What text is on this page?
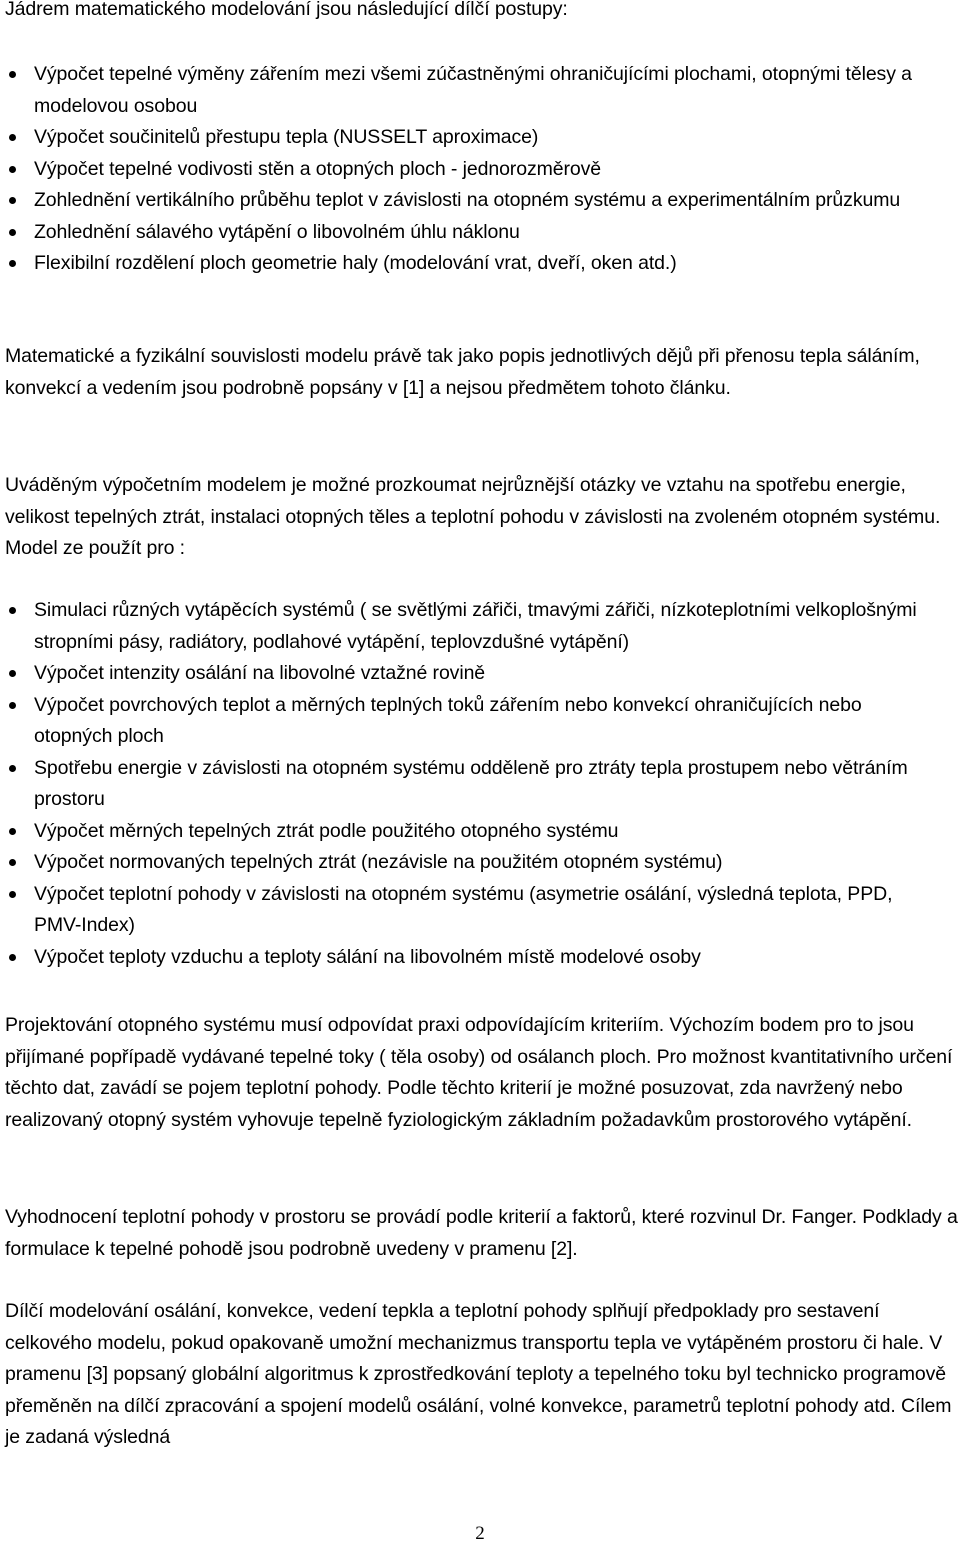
Jádrem matematického modelování jsou následující dílčí postupy:
Výpočet tepelné výměny zářením mezi všemi zúčastněnými ohraničujícími plochami, otopnými tělesy a modelovou osobou
Výpočet součinitelů přestupu tepla (NUSSELT aproximace)
Výpočet tepelné vodivosti stěn a otopných ploch - jednorozměrově
Zohlednění vertikálního průběhu teplot v závislosti na otopném systému a experimentálním průzkumu
Zohlednění sálavého vytápění o libovolném úhlu náklonu
Flexibilní rozdělení ploch geometrie haly (modelování vrat, dveří, oken atd.)
Matematické a fyzikální souvislosti modelu právě tak jako popis jednotlivých dějů při přenosu tepla sáláním, konvekcí a vedením jsou podrobně popsány v [1] a nejsou předmětem tohoto článku.
Uváděným výpočetním modelem je možné prozkoumat nejrůznější otázky ve vztahu na spotřebu energie, velikost tepelných ztrát, instalaci otopných těles a teplotní pohodu v závislosti na zvoleném otopném systému. Model ze použít pro :
Simulaci různých vytápěcích systémů ( se světlými zářiči, tmavými zářiči, nízkoteplotními velkoplošnými stropními pásy, radiátory, podlahové vytápění, teplovzdušné vytápění)
Výpočet intenzity osálání na libovolné vztažné rovině
Výpočet povrchových teplot a měrných teplných toků zářením nebo konvekcí ohraničujících nebo otopných ploch
Spotřebu energie v závislosti na otopném systému odděleně pro ztráty tepla prostupem nebo větráním prostoru
Výpočet měrných tepelných ztrát podle použitého otopného systému
Výpočet normovaných tepelných ztrát (nezávisle na použitém otopném systému)
Výpočet teplotní pohody v závislosti na otopném systému (asymetrie osálání, výsledná teplota, PPD, PMV-Index)
Výpočet teploty vzduchu a teploty sálání na libovolném místě modelové osoby
Projektování otopného systému musí odpovídat praxi odpovídajícím kriteriím. Výchozím bodem pro to jsou přijímané popřípadě vydávané tepelné toky ( těla osoby) od osálanch ploch. Pro možnost kvantitativního určení těchto dat, zavádí se pojem teplotní pohody. Podle těchto kriterií je možné posuzovat, zda navržený nebo realizovaný otopný systém vyhovuje tepelně fyziologickým základním požadavkům prostorového vytápění.
Vyhodnocení teplotní pohody v prostoru se provádí podle kriterií a faktorů, které rozvinul Dr. Fanger. Podklady a formulace k tepelné pohodě jsou podrobně uvedeny v pramenu [2].
Dílčí modelování osálání, konvekce, vedení tepkla a teplotní pohody splňují předpoklady pro sestavení celkového modelu, pokud opakovaně umožní mechanizmus transportu tepla ve vytápěném prostoru či hale. V pramenu [3] popsaný globální algoritmus k zprostředkování teploty a tepelného toku byl technicko programově přeměněn na dílčí zpracování a spojení modelů osálání, volné konvekce, parametrů teplotní pohody atd. Cílem je zadaná výsledná
2
